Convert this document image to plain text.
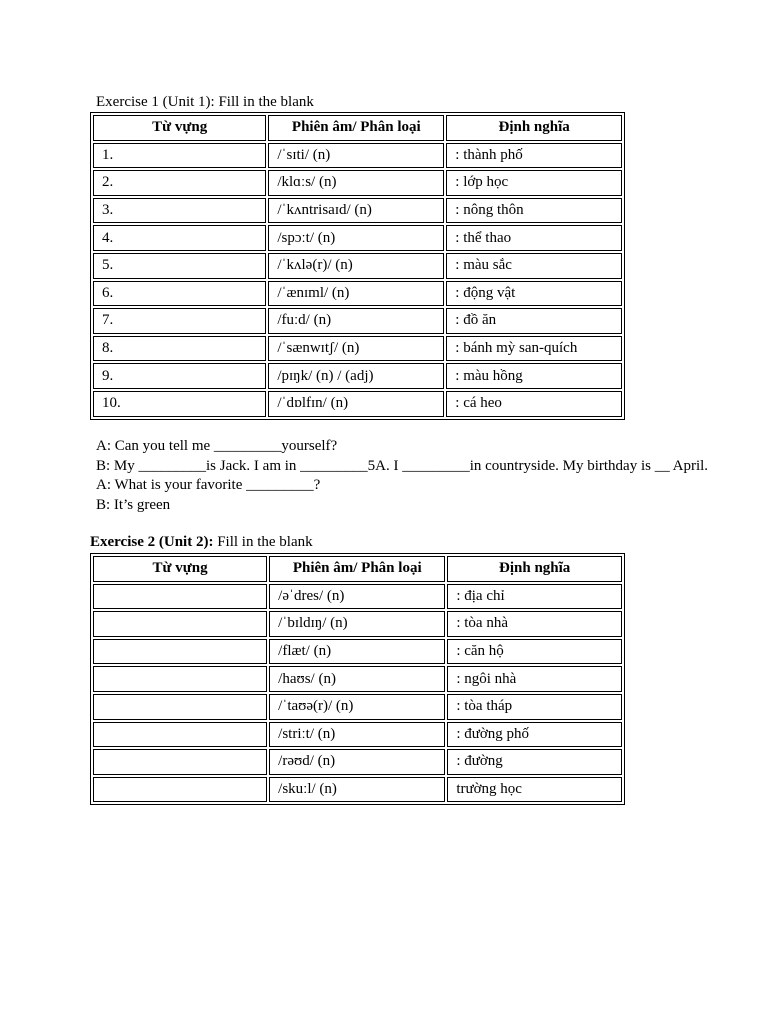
Exercise 1 (Unit 1): Fill in the blank
Từ vựng	Phiên âm/ Phân loại	Định nghĩa
1.	/ˈsɪti/ (n)	: thành phố
2.	/klɑːs/ (n)	: lớp học
3.	/ˈkʌntrisaɪd/ (n)	: nông thôn
4.	/spɔːt/ (n)	: thể thao
5.	/ˈkʌlə(r)/ (n)	: màu sắc
6.	/ˈænɪml/ (n)	: động vật
7.	/fuːd/ (n)	: đồ ăn
8.	/ˈsænwɪtʃ/ (n)	: bánh mỳ san-quích
9.	/pɪŋk/ (n) / (adj)	: màu hồng
10.	/ˈdɒlfɪn/ (n)	: cá heo
A: Can you tell me _________yourself?
B: My _________is Jack. I am in _________5A. I _________in countryside. My birthday is __ April.
A: What is your favorite _________?
B: It’s green
Exercise 2 (Unit 2): Fill in the blank
Từ vựng	Phiên âm/ Phân loại	Định nghĩa
	/əˈdres/ (n)	: địa chỉ
	/ˈbɪldɪŋ/ (n)	: tòa nhà
	/flæt/ (n)	: căn hộ
	/haʊs/ (n)	: ngôi nhà
	/ˈtaʊə(r)/ (n)	: tòa tháp
	/striːt/ (n)	: đường phố
	/rəʊd/ (n)	: đường
	/skuːl/ (n)	trường học
